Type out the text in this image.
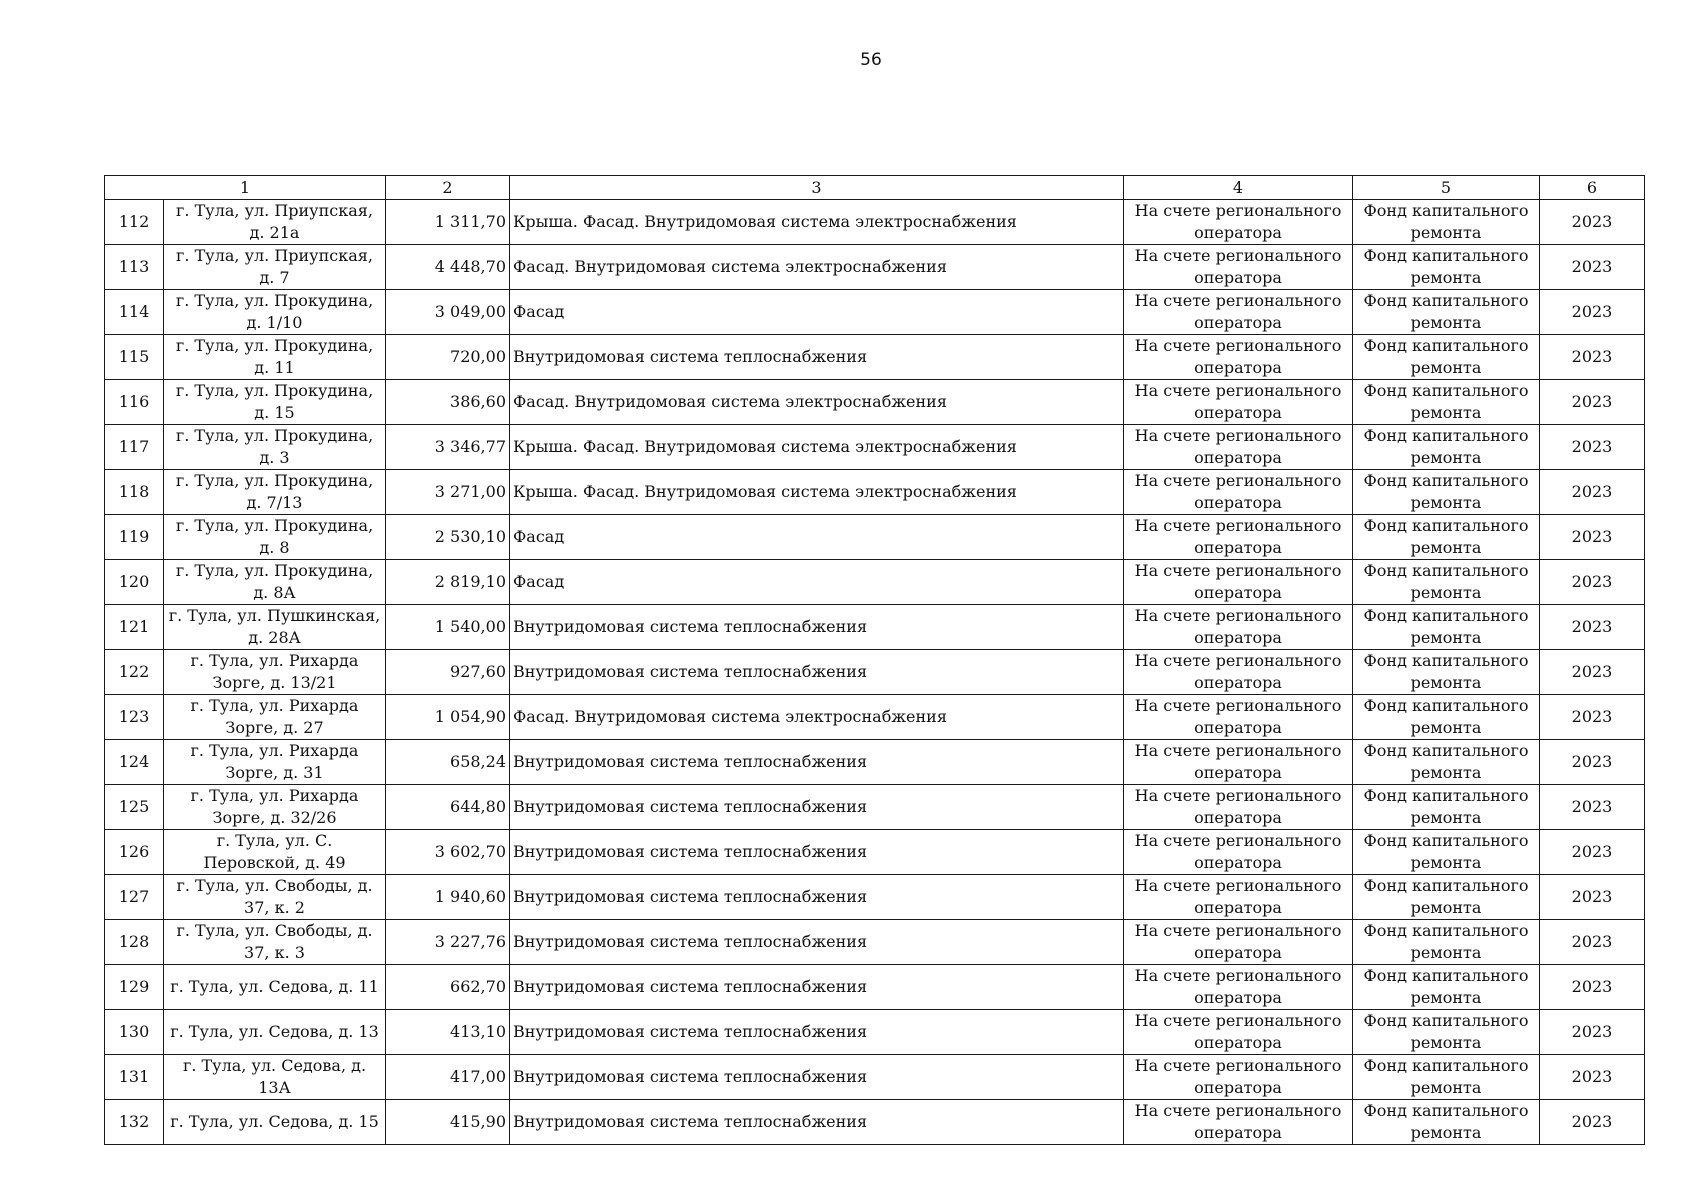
56
1		2	3	4	5	6
112	г. Тула, ул. Приупская, д. 21а	1 311,70	Крыша. Фасад. Внутридомовая система электроснабжения	На счете регионального оператора	Фонд капитального ремонта	2023
113	г. Тула, ул. Приупская, д. 7	4 448,70	Фасад. Внутридомовая система электроснабжения	На счете регионального оператора	Фонд капитального ремонта	2023
114	г. Тула, ул. Прокудина, д. 1/10	3 049,00	Фасад	На счете регионального оператора	Фонд капитального ремонта	2023
115	г. Тула, ул. Прокудина, д. 11	720,00	Внутридомовая система теплоснабжения	На счете регионального оператора	Фонд капитального ремонта	2023
116	г. Тула, ул. Прокудина, д. 15	386,60	Фасад. Внутридомовая система электроснабжения	На счете регионального оператора	Фонд капитального ремонта	2023
117	г. Тула, ул. Прокудина, д. 3	3 346,77	Крыша. Фасад. Внутридомовая система электроснабжения	На счете регионального оператора	Фонд капитального ремонта	2023
118	г. Тула, ул. Прокудина, д. 7/13	3 271,00	Крыша. Фасад. Внутридомовая система электроснабжения	На счете регионального оператора	Фонд капитального ремонта	2023
119	г. Тула, ул. Прокудина, д. 8	2 530,10	Фасад	На счете регионального оператора	Фонд капитального ремонта	2023
120	г. Тула, ул. Прокудина, д. 8А	2 819,10	Фасад	На счете регионального оператора	Фонд капитального ремонта	2023
121	г. Тула, ул. Пушкинская, д. 28А	1 540,00	Внутридомовая система теплоснабжения	На счете регионального оператора	Фонд капитального ремонта	2023
122	г. Тула, ул. Рихарда Зорге, д. 13/21	927,60	Внутридомовая система теплоснабжения	На счете регионального оператора	Фонд капитального ремонта	2023
123	г. Тула, ул. Рихарда Зорге, д. 27	1 054,90	Фасад. Внутридомовая система электроснабжения	На счете регионального оператора	Фонд капитального ремонта	2023
124	г. Тула, ул. Рихарда Зорге, д. 31	658,24	Внутридомовая система теплоснабжения	На счете регионального оператора	Фонд капитального ремонта	2023
125	г. Тула, ул. Рихарда Зорге, д. 32/26	644,80	Внутридомовая система теплоснабжения	На счете регионального оператора	Фонд капитального ремонта	2023
126	г. Тула, ул. С. Перовской, д. 49	3 602,70	Внутридомовая система теплоснабжения	На счете регионального оператора	Фонд капитального ремонта	2023
127	г. Тула, ул. Свободы, д. 37, к. 2	1 940,60	Внутридомовая система теплоснабжения	На счете регионального оператора	Фонд капитального ремонта	2023
128	г. Тула, ул. Свободы, д. 37, к. 3	3 227,76	Внутридомовая система теплоснабжения	На счете регионального оператора	Фонд капитального ремонта	2023
129	г. Тула, ул. Седова, д. 11	662,70	Внутридомовая система теплоснабжения	На счете регионального оператора	Фонд капитального ремонта	2023
130	г. Тула, ул. Седова, д. 13	413,10	Внутридомовая система теплоснабжения	На счете регионального оператора	Фонд капитального ремонта	2023
131	г. Тула, ул. Седова, д. 13А	417,00	Внутридомовая система теплоснабжения	На счете регионального оператора	Фонд капитального ремонта	2023
132	г. Тула, ул. Седова, д. 15	415,90	Внутридомовая система теплоснабжения	На счете регионального оператора	Фонд капитального ремонта	2023
